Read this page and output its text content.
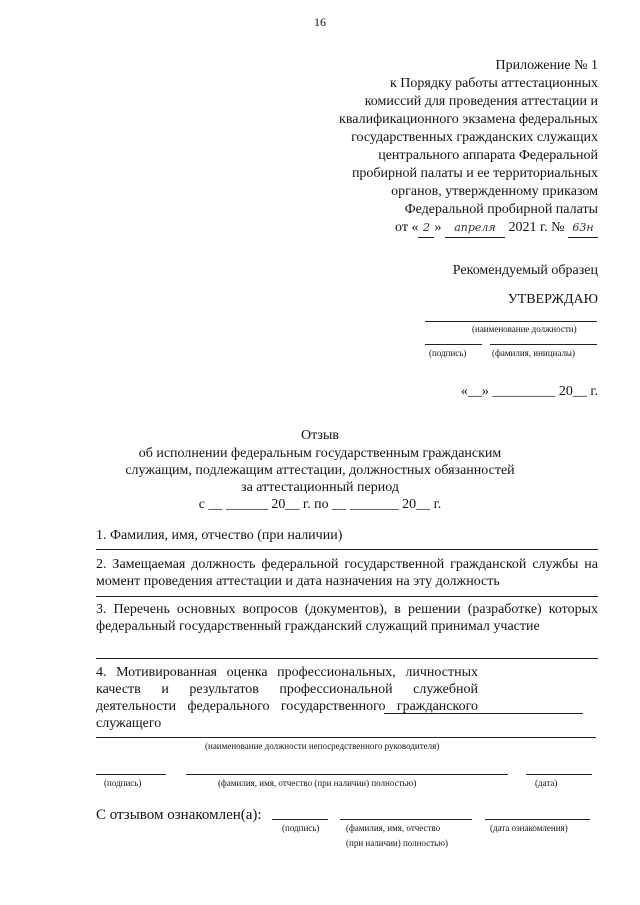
16
Приложение № 1
к Порядку работы аттестационных
комиссий для проведения аттестации и
квалификационного экзамена федеральных
государственных гражданских служащих
центрального аппарата Федеральной
пробирной палаты и ее территориальных
органов, утвержденному приказом
Федеральной пробирной палаты
от « 2 » апреля 2021 г. № 63н
Рекомендуемый образец
УТВЕРЖДАЮ
(наименование должности)
(подпись)	(фамилия, инициалы)
«__» _________ 20__ г.
Отзыв
об исполнении федеральным государственным гражданским
служащим, подлежащим аттестации, должностных обязанностей
за аттестационный период
с __ ______ 20__ г. по __ _______ 20__ г.
1. Фамилия, имя, отчество (при наличии)
2. Замещаемая должность федеральной государственной гражданской службы на момент проведения аттестации и дата назначения на эту должность
3. Перечень основных вопросов (документов), в решении (разработке) которых федеральный государственный гражданский служащий принимал участие
4. Мотивированная оценка профессиональных, личностных качеств и результатов профессиональной служебной деятельности федерального государственного гражданского служащего
(наименование должности непосредственного руководителя)
(подпись)	(фамилия, имя, отчество (при наличии) полностью)	(дата)
С отзывом ознакомлен(а):
(подпись)	(фамилия, имя, отчество
(при наличии) полностью)
(дата ознакомления)
